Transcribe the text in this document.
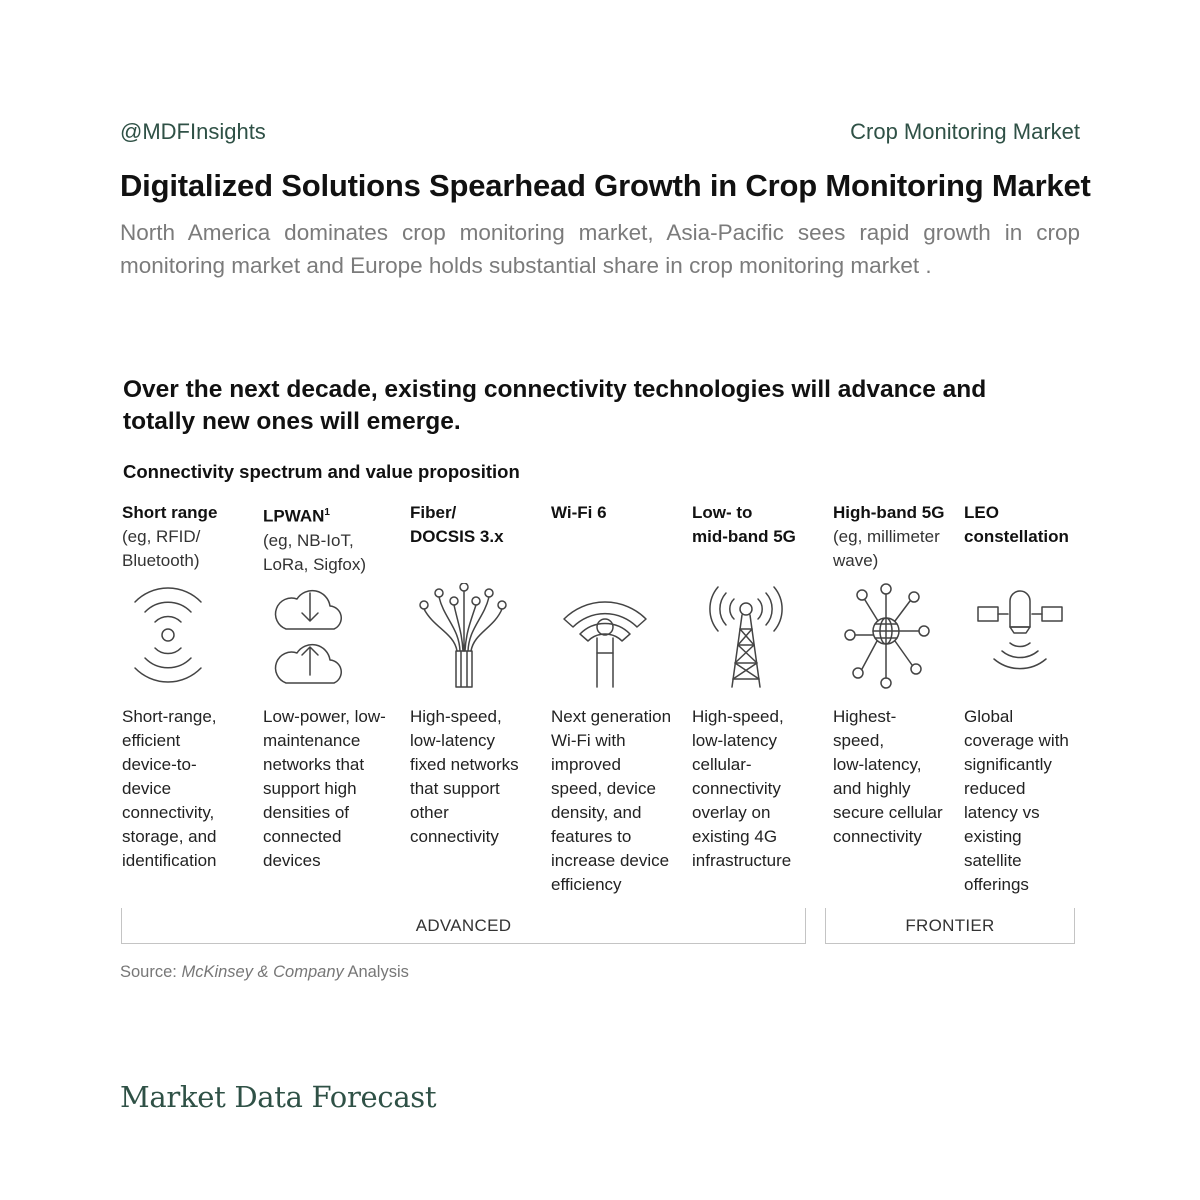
@MDFInsights	Crop Monitoring Market
Digitalized Solutions Spearhead Growth in Crop Monitoring Market
North America dominates crop monitoring market, Asia-Pacific sees rapid growth in crop monitoring market and Europe holds substantial share in crop monitoring market .
Over the next decade, existing connectivity technologies will advance and totally new ones will emerge.
Connectivity spectrum and value proposition
Short range
(eg, RFID/
Bluetooth)
Short-range,
efficient
device-to-
device
connectivity,
storage, and
identification
LPWAN$^1$
(eg, NB-IoT,
LoRa, Sigfox)
Low-power, low-
maintenance
networks that
support high
densities of
connected
devices
Fiber/
DOCSIS 3.x
High-speed,
low-latency
fixed networks
that support
other
connectivity
Wi-Fi 6
Next generation
Wi-Fi with
improved
speed, device
density, and
features to
increase device
efficiency
Low- to
mid-band 5G
High-speed,
low-latency
cellular-
connectivity
overlay on
existing 4G
infrastructure
High-band 5G
(eg, millimeter
wave)
Highest-
speed,
low-latency,
and highly
secure cellular
connectivity
LEO
constellation
Global
coverage with
significantly
reduced
latency vs
existing
satellite
offerings
ADVANCED	FRONTIER
Source: McKinsey & Company Analysis
Market Data Forecast
